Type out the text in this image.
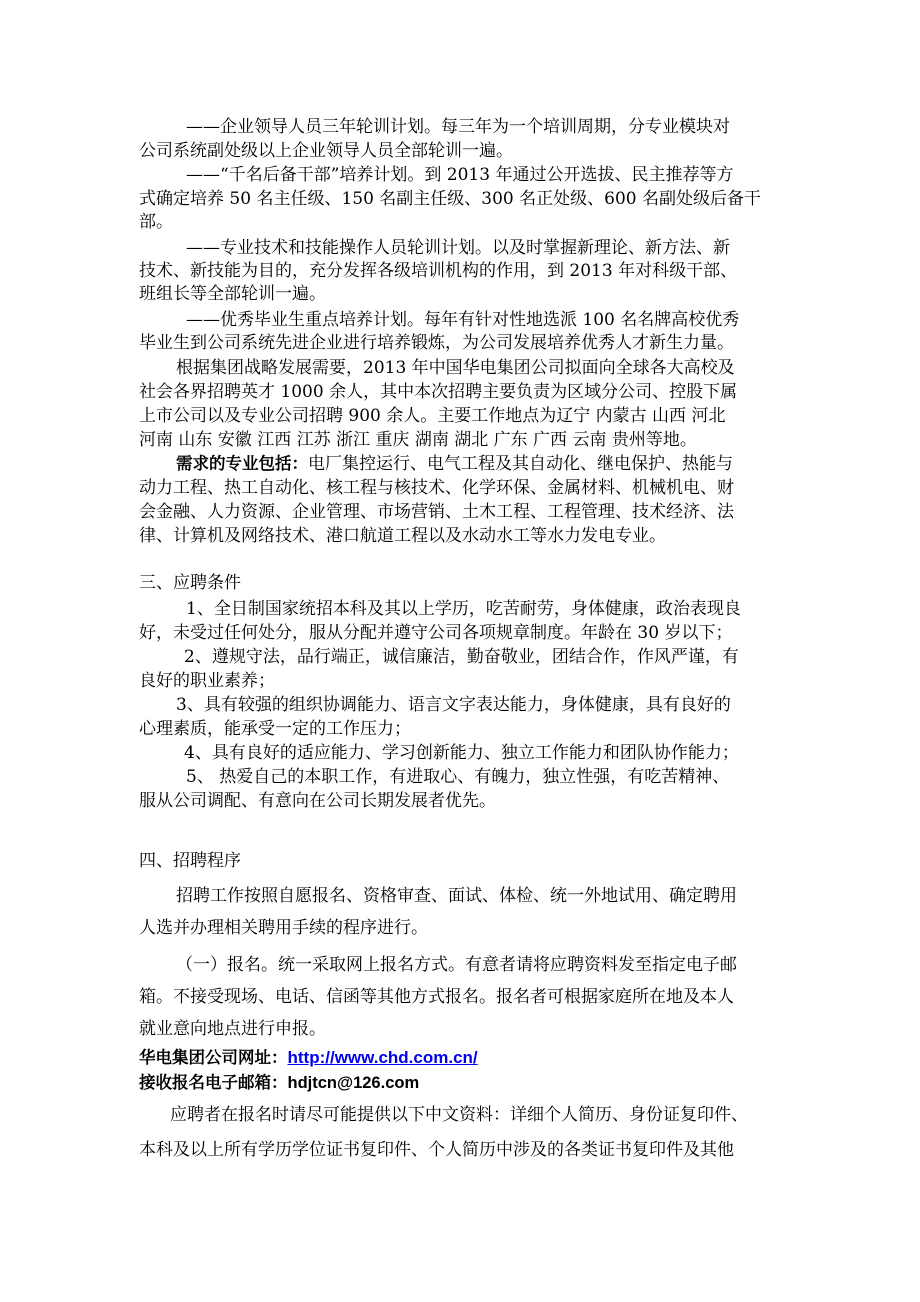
——企业领导人员三年轮训计划。每三年为一个培训周期，分专业模块对
公司系统副处级以上企业领导人员全部轮训一遍。
——“千名后备干部”培养计划。到 2013 年通过公开选拔、民主推荐等方
式确定培养 50 名主任级、150 名副主任级、300 名正处级、600 名副处级后备干
部。
——专业技术和技能操作人员轮训计划。以及时掌握新理论、新方法、新
技术、新技能为目的，充分发挥各级培训机构的作用，到 2013 年对科级干部、
班组长等全部轮训一遍。
——优秀毕业生重点培养计划。每年有针对性地选派 100 名名牌高校优秀
毕业生到公司系统先进企业进行培养锻炼，为公司发展培养优秀人才新生力量。
根据集团战略发展需要，2013 年中国华电集团公司拟面向全球各大高校及
社会各界招聘英才 1000 余人，其中本次招聘主要负责为区域分公司、控股下属
上市公司以及专业公司招聘 900 余人。主要工作地点为辽宁 内蒙古 山西 河北
河南 山东 安徽 江西 江苏 浙江 重庆 湖南 湖北 广东 广西 云南 贵州等地。
需求的专业包括：电厂集控运行、电气工程及其自动化、继电保护、热能与
动力工程、热工自动化、核工程与核技术、化学环保、金属材料、机械机电、财
会金融、人力资源、企业管理、市场营销、土木工程、工程管理、技术经济、法
律、计算机及网络技术、港口航道工程以及水动水工等水力发电专业。
三、应聘条件
1、全日制国家统招本科及其以上学历，吃苦耐劳，身体健康，政治表现良
好，未受过任何处分，服从分配并遵守公司各项规章制度。年龄在 30 岁以下；
2、遵规守法，品行端正，诚信廉洁，勤奋敬业，团结合作，作风严谨，有
良好的职业素养；
3、具有较强的组织协调能力、语言文字表达能力，身体健康，具有良好的
心理素质，能承受一定的工作压力；
4、具有良好的适应能力、学习创新能力、独立工作能力和团队协作能力；
5、 热爱自己的本职工作，有进取心、有魄力，独立性强，有吃苦精神、
服从公司调配、有意向在公司长期发展者优先。
四、招聘程序
招聘工作按照自愿报名、资格审查、面试、体检、统一外地试用、确定聘用
人选并办理相关聘用手续的程序进行。
（一）报名。统一采取网上报名方式。有意者请将应聘资料发至指定电子邮
箱。不接受现场、电话、信函等其他方式报名。报名者可根据家庭所在地及本人
就业意向地点进行申报。
华电集团公司网址：http://www.chd.com.cn/
接收报名电子邮箱：hdjtcn@126.com
应聘者在报名时请尽可能提供以下中文资料：详细个人简历、身份证复印件、
本科及以上所有学历学位证书复印件、个人简历中涉及的各类证书复印件及其他
